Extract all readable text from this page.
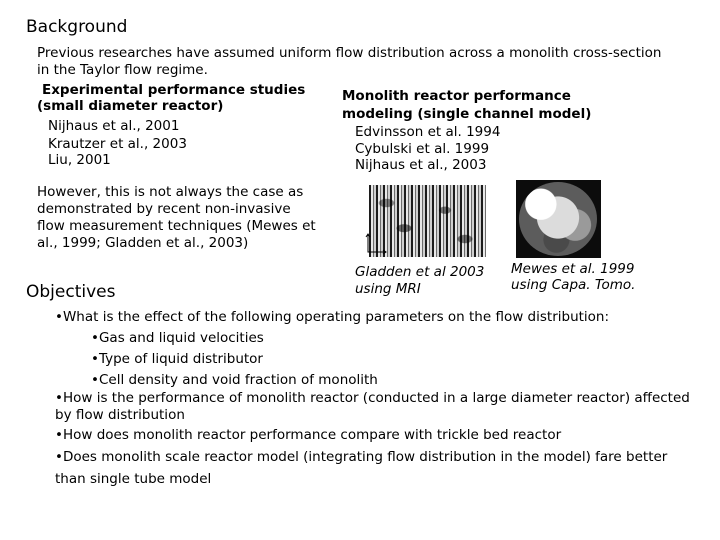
Background
Previous researches have assumed uniform flow distribution across a monolith cross-section in the Taylor flow regime.
Experimental performance studies
(small diameter reactor)
Nijhaus et al., 2001
Krautzer et al., 2003
Liu, 2001
Monolith reactor performance
modeling (single channel model)
Edvinsson et al. 1994
Cybulski et al. 1999
Nijhaus et al., 2003
However, this is not always the case as demonstrated by recent non-invasive flow measurement techniques (Mewes et al., 1999; Gladden et al., 2003)
Gladden et al 2003
using MRI
Mewes et al. 1999
using Capa. Tomo.
Objectives
•What is the effect of the following operating parameters on the flow distribution:
•Gas and liquid velocities
•Type of liquid distributor
•Cell density and void fraction of monolith
•How is the performance of monolith reactor (conducted in a large diameter reactor) affected by flow distribution
•How does monolith reactor performance compare with trickle bed reactor
•Does monolith scale reactor model (integrating flow distribution in the model) fare better than single tube model
